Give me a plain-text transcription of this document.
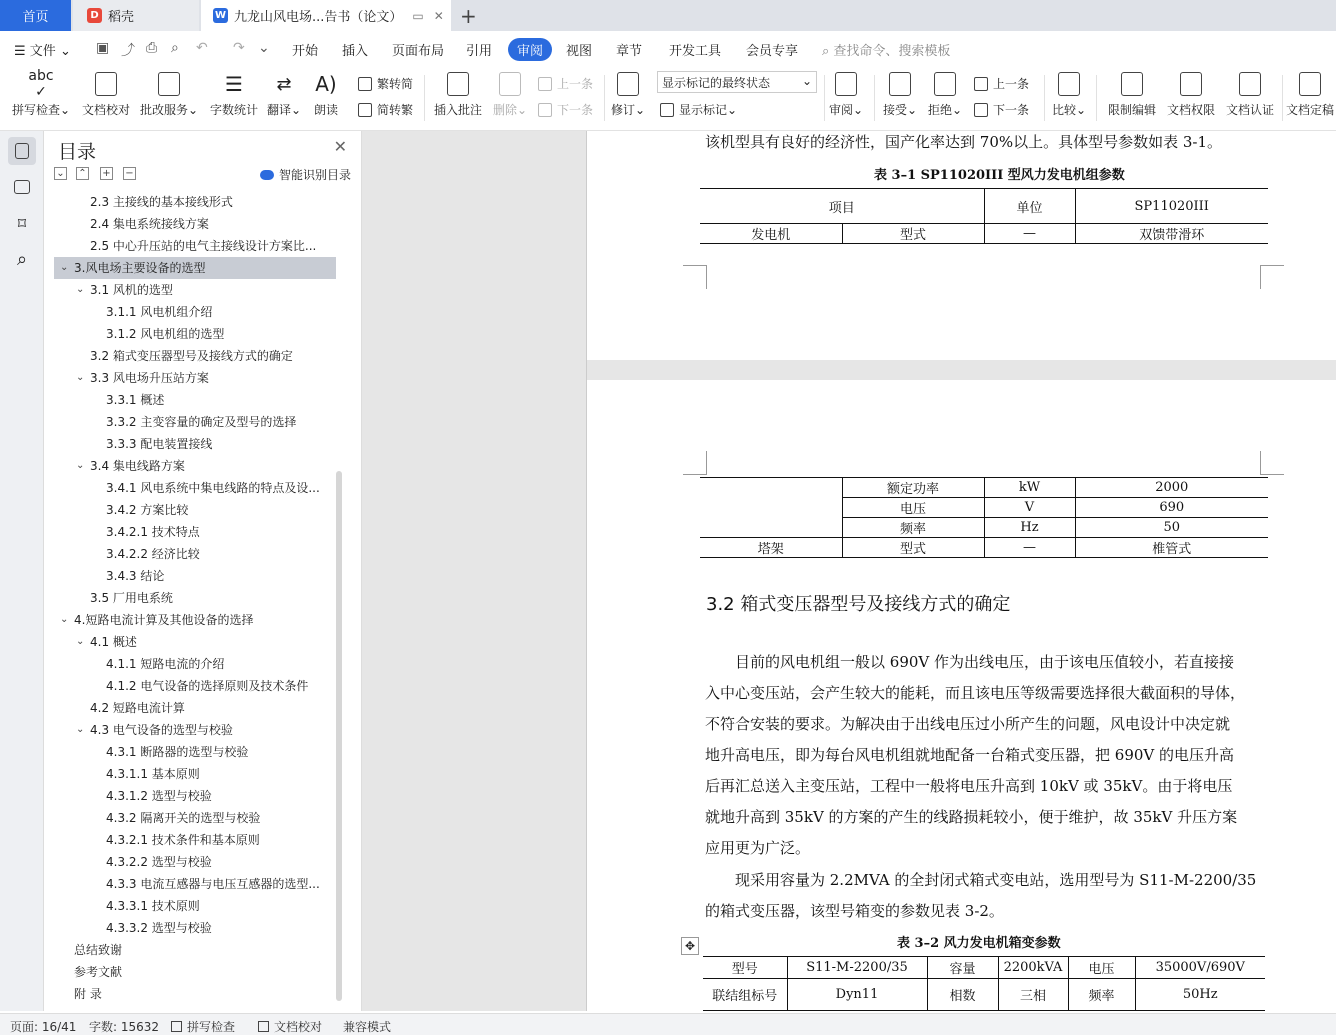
首页	D 稻壳	W 九龙山风电场...告书（论文） ▭ ✕ +
☰ 文件 ⌄ ▣ ⤴ ⎙ ⌕ ↶ ↷ ⌄ 开始 插入 页面布局 引用	审阅	视图 章节 开发工具 会员专享 ⌕ 查找命令、搜索模板
abc
✓
拼写检查⌄ 文档校对 批改服务⌄
☰
字数统计
⇄
翻译⌄
A)
朗读
繁转简
简转繁 插入批注 删除⌄
上一条
下一条 修订⌄
显示标记的最终状态	⌄
显示标记 ⌄	审阅⌄ 接受⌄ 拒绝⌄
上一条
下一条 比较⌄	限制编辑 文档权限 文档认证 文档定稿
⌑
⌕
目录	✕
⌄ ⌃ + −	智能识别目录
2.3 主接线的基本接线形式
2.4 集电系统接线方案
2.5 中心升压站的电气主接线设计方案比...
⌄ 3.风电场主要设备的选型
⌄ 3.1 风机的选型
3.1.1 风电机组介绍
3.1.2 风电机组的选型
3.2 箱式变压器型号及接线方式的确定
⌄ 3.3 风电场升压站方案
3.3.1 概述
3.3.2 主变容量的确定及型号的选择
3.3.3 配电装置接线
⌄ 3.4 集电线路方案
3.4.1 风电系统中集电线路的特点及设...
3.4.2 方案比较
3.4.2.1 技术特点
3.4.2.2 经济比较
3.4.3 结论
3.5 厂用电系统
⌄ 4.短路电流计算及其他设备的选择
⌄ 4.1 概述
4.1.1 短路电流的介绍
4.1.2 电气设备的选择原则及技术条件
4.2 短路电流计算
⌄ 4.3 电气设备的选型与校验
4.3.1 断路器的选型与校验
4.3.1.1 基本原则
4.3.1.2 选型与校验
4.3.2 隔离开关的选型与校验
4.3.2.1 技术条件和基本原则
4.3.2.2 选型与校验
4.3.3 电流互感器与电压互感器的选型...
4.3.3.1 技术原则
4.3.3.2 选型与校验
总结致谢
参考文献
附 录
该机型具有良好的经济性，国产化率达到 70%以上。具体型号参数如表 3-1。
表 3–1 SP11020III 型风力发电机组参数
项目		单位	SP11020III
发电机	型式	—	双馈带滑环
	额定功率	kW	2000
	电压	V	690
	频率	Hz	50
塔架	型式	—	椎管式
3.2 箱式变压器型号及接线方式的确定
　　目前的风电机组一般以 690V 作为出线电压，由于该电压值较小，若直接接
入中心变压站，会产生较大的能耗，而且该电压等级需要选择很大截面积的导体，
不符合安装的要求。为解决由于出线电压过小所产生的问题，风电设计中决定就
地升高电压，即为每台风电机组就地配备一台箱式变压器，把 690V 的电压升高
后再汇总送入主变压站，工程中一般将电压升高到 10kV 或 35kV。由于将电压
就地升高到 35kV 的方案的产生的线路损耗较小，便于维护，故 35kV 升压方案
应用更为广泛。
　　现采用容量为 2.2MVA 的全封闭式箱式变电站，选用型号为 S11-M-2200/35
的箱式变压器，该型号箱变的参数见表 3-2。
表 3–2 风力发电机箱变参数
✥
型号	S11-M-2200/35	容量	2200kVA	电压	35000V/690V
联结组标号	Dyn11	相数	三相	频率	50Hz
页面: 16/41 字数: 15632 拼写检查	文档校对 兼容模式
